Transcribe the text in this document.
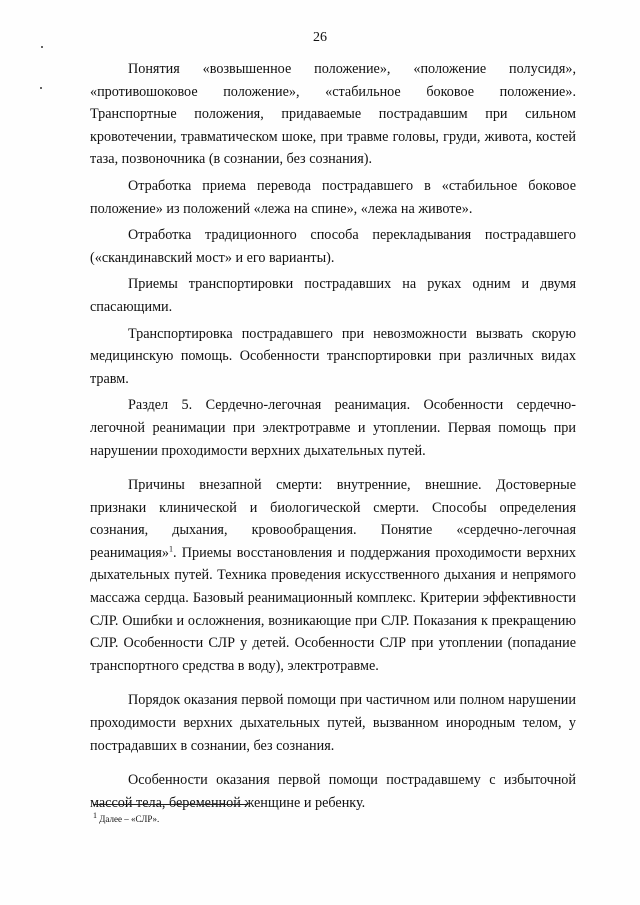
26

Понятия «возвышенное положение», «положение полусидя», «противошоковое положение», «стабильное боковое положение». Транспортные положения, придаваемые пострадавшим при сильном кровотечении, травматическом шоке, при травме головы, груди, живота, костей таза, позвоночника (в сознании, без сознания).

Отработка приема перевода пострадавшего в «стабильное боковое положение» из положений «лежа на спине», «лежа на животе».

Отработка традиционного способа перекладывания пострадавшего («скандинавский мост» и его варианты).

Приемы транспортировки пострадавших на руках одним и двумя спасающими.

Транспортировка пострадавшего при невозможности вызвать скорую медицинскую помощь. Особенности транспортировки при различных видах травм.

Раздел 5. Сердечно-легочная реанимация. Особенности сердечно-легочной реанимации при электротравме и утоплении. Первая помощь при нарушении проходимости верхних дыхательных путей.

Причины внезапной смерти: внутренние, внешние. Достоверные признаки клинической и биологической смерти. Способы определения сознания, дыхания, кровообращения. Понятие «сердечно-легочная реанимация»$^1$. Приемы восстановления и поддержания проходимости верхних дыхательных путей. Техника проведения искусственного дыхания и непрямого массажа сердца. Базовый реанимационный комплекс. Критерии эффективности СЛР. Ошибки и осложнения, возникающие при СЛР. Показания к прекращению СЛР. Особенности СЛР у детей. Особенности СЛР при утоплении (попадание транспортного средства в воду), электротравме.

Порядок оказания первой помощи при частичном или полном нарушении проходимости верхних дыхательных путей, вызванном инородным телом, у пострадавших в сознании, без сознания.

Особенности оказания первой помощи пострадавшему с избыточной массой тела, беременной женщине и ребенку.

$^1$ Далее – «СЛР».
